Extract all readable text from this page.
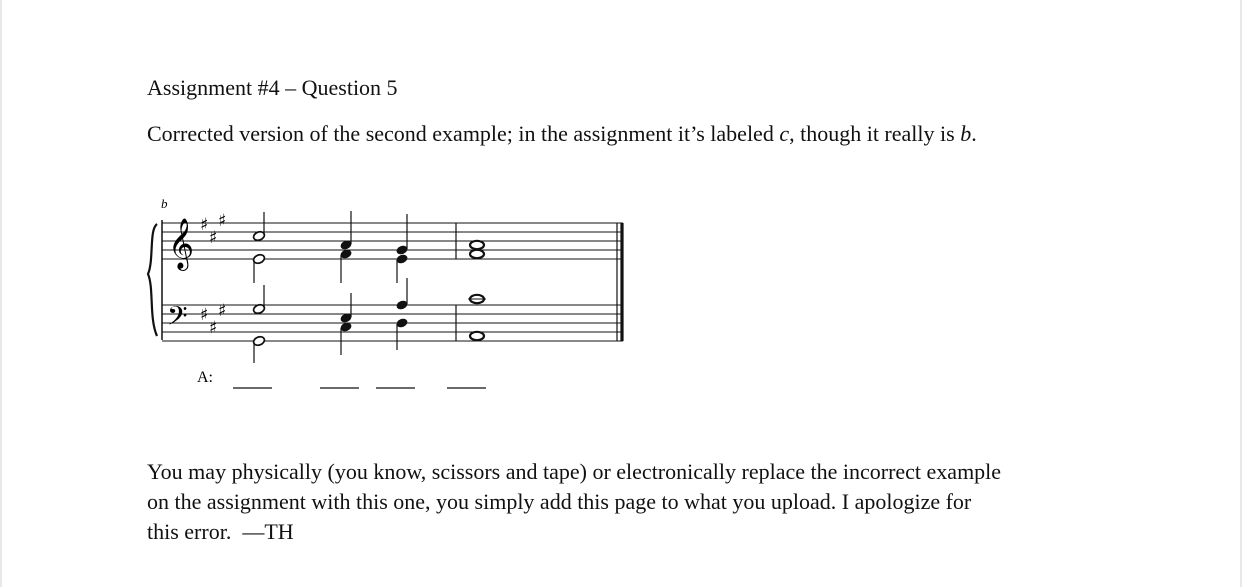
Assignment #4 – Question 5
Corrected version of the second example; in the assignment it’s labeled c, though it really is b.
b
𝄞
𝄢
♯
♯
♯
♯
♯
♯
A:

You may physically (you know, scissors and tape) or electronically replace the incorrect example

on the assignment with this one, you simply add this page to what you upload. I apologize for

this error.  —TH
